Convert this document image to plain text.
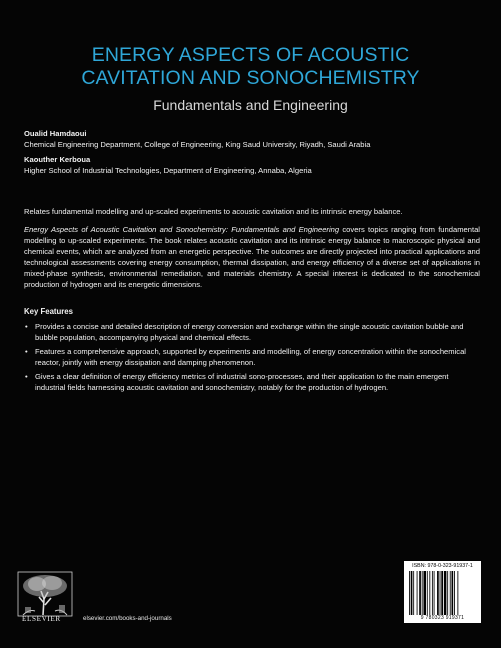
ENERGY ASPECTS OF ACOUSTIC
CAVITATION AND SONOCHEMISTRY
Fundamentals and Engineering
Oualid Hamdaoui
Chemical Engineering Department, College of Engineering, King Saud University, Riyadh, Saudi Arabia
Kaouther Kerboua
Higher School of Industrial Technologies, Department of Engineering, Annaba, Algeria
Relates fundamental modelling and up-scaled experiments to acoustic cavitation and its intrinsic energy balance.
Energy Aspects of Acoustic Cavitation and Sonochemistry: Fundamentals and Engineering covers topics ranging from fundamental modelling to up-scaled experiments. The book relates acoustic cavitation and its intrinsic energy balance to macroscopic physical and chemical events, which are analyzed from an energetic perspective. The outcomes are directly projected into practical applications and technological assessments covering energy consumption, thermal dissipation, and energy efficiency of a diverse set of applications in mixed-phase synthesis, environmental remediation, and materials chemistry. A special interest is dedicated to the sonochemical production of hydrogen and its energetic dimensions.
Key Features
• Provides a concise and detailed description of energy conversion and exchange within the single acoustic cavitation bubble and bubble population, accompanying physical and chemical effects.
• Features a comprehensive approach, supported by experiments and modelling, of energy concentration within the sonochemical reactor, jointly with energy dissipation and damping phenomenon.
• Gives a clear definition of energy efficiency metrics of industrial sono-processes, and their application to the main emergent industrial fields harnessing acoustic cavitation and sonochemistry, notably for the production of hydrogen.
ELSEVIER	elsevier.com/books-and-journals
ISBN: 978-0-323-91937-1
9 780323 919371
